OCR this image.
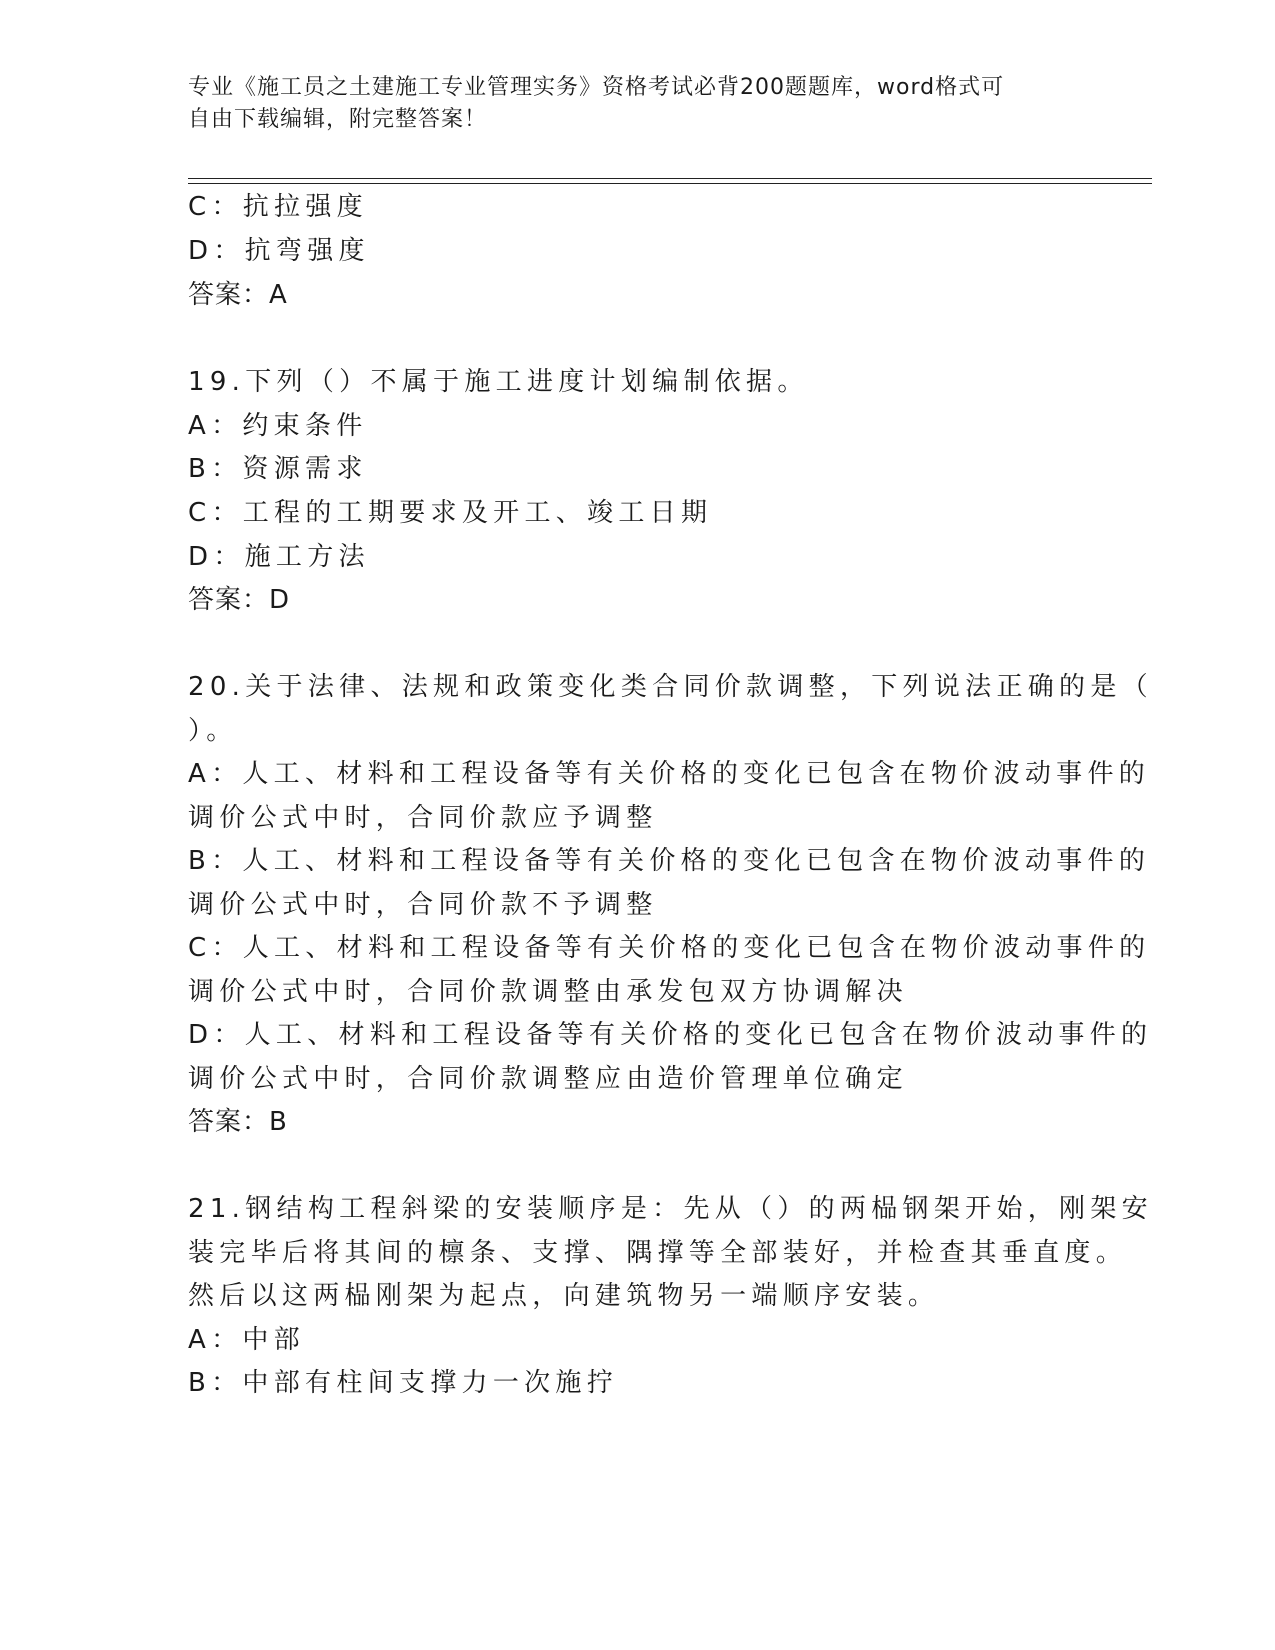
专业《施工员之土建施工专业管理实务》资格考试必背200题题库，word格式可
自由下载编辑，附完整答案！
C：抗拉强度
D：抗弯强度
答案：A
19.下列（）不属于施工进度计划编制依据。
A：约束条件
B：资源需求
C：工程的工期要求及开工、竣工日期
D：施工方法
答案：D
20.关于法律、法规和政策变化类合同价款调整，下列说法正确的是（
）。
A：人工、材料和工程设备等有关价格的变化已包含在物价波动事件的
调价公式中时，合同价款应予调整
B：人工、材料和工程设备等有关价格的变化已包含在物价波动事件的
调价公式中时，合同价款不予调整
C：人工、材料和工程设备等有关价格的变化已包含在物价波动事件的
调价公式中时，合同价款调整由承发包双方协调解决
D：人工、材料和工程设备等有关价格的变化已包含在物价波动事件的
调价公式中时，合同价款调整应由造价管理单位确定
答案：B
21.钢结构工程斜梁的安装顺序是：先从（）的两榀钢架开始，刚架安
装完毕后将其间的檩条、支撑、隅撑等全部装好，并检查其垂直度。
然后以这两榀刚架为起点，向建筑物另一端顺序安装。
A：中部
B：中部有柱间支撑力一次施拧
